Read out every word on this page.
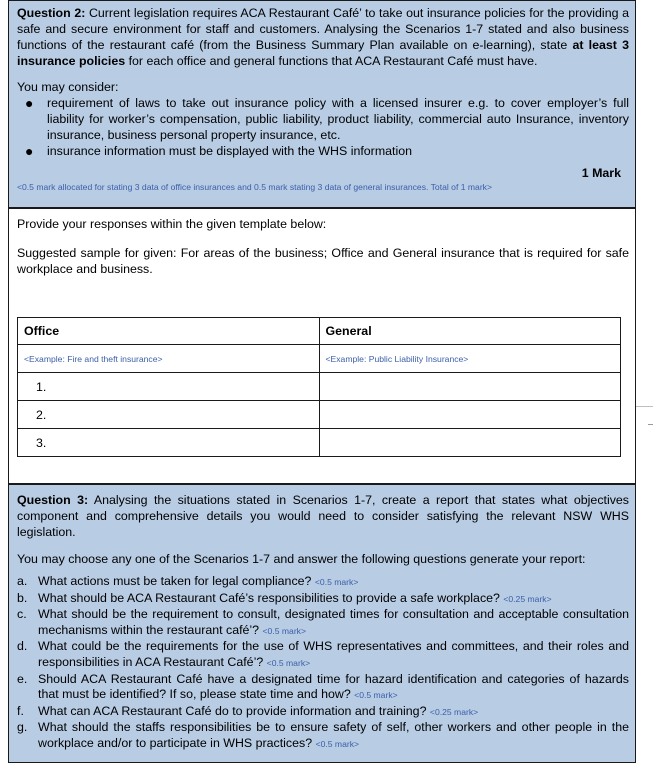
Question 2: Current legislation requires ACA Restaurant Café’ to take out insurance policies for the providing a safe and secure environment for staff and customers. Analysing the Scenarios 1-7 stated and also business functions of the restaurant café (from the Business Summary Plan available on e-learning), state at least 3 insurance policies for each office and general functions that ACA Restaurant Café must have.

You may consider:

● requirement of laws to take out insurance policy with a licensed insurer e.g. to cover employer’s full liability for worker’s compensation, public liability, product liability, commercial auto Insurance, inventory insurance, business personal property insurance, etc.
● insurance information must be displayed with the WHS information

1 Mark

<0.5 mark allocated for stating 3 data of office insurances and 0.5 mark stating 3 data of general insurances. Total of 1 mark>

Provide your responses within the given template below:

Suggested sample for given: For areas of the business; Office and General insurance that is required for safe workplace and business.

Office	General
<Example: Fire and theft insurance>	<Example: Public Liability Insurance>
1.	
2.	
3.	

Question 3: Analysing the situations stated in Scenarios 1-7, create a report that states what objectives component and comprehensive details you would need to consider satisfying the relevant NSW WHS legislation.

You may choose any one of the Scenarios 1-7 and answer the following questions generate your report:

a. What actions must be taken for legal compliance? <0.5 mark>
b. What should be ACA Restaurant Café’s responsibilities to provide a safe workplace? <0.25 mark>
c. What should be the requirement to consult, designated times for consultation and acceptable consultation mechanisms within the restaurant café’? <0.5 mark>
d. What could be the requirements for the use of WHS representatives and committees, and their roles and responsibilities in ACA Restaurant Café’? <0.5 mark>
e. Should ACA Restaurant Café have a designated time for hazard identification and categories of hazards that must be identified? If so, please state time and how? <0.5 mark>
f. What can ACA Restaurant Café do to provide information and training? <0.25 mark>
g. What should the staffs responsibilities be to ensure safety of self, other workers and other people in the workplace and/or to participate in WHS practices? <0.5 mark>
